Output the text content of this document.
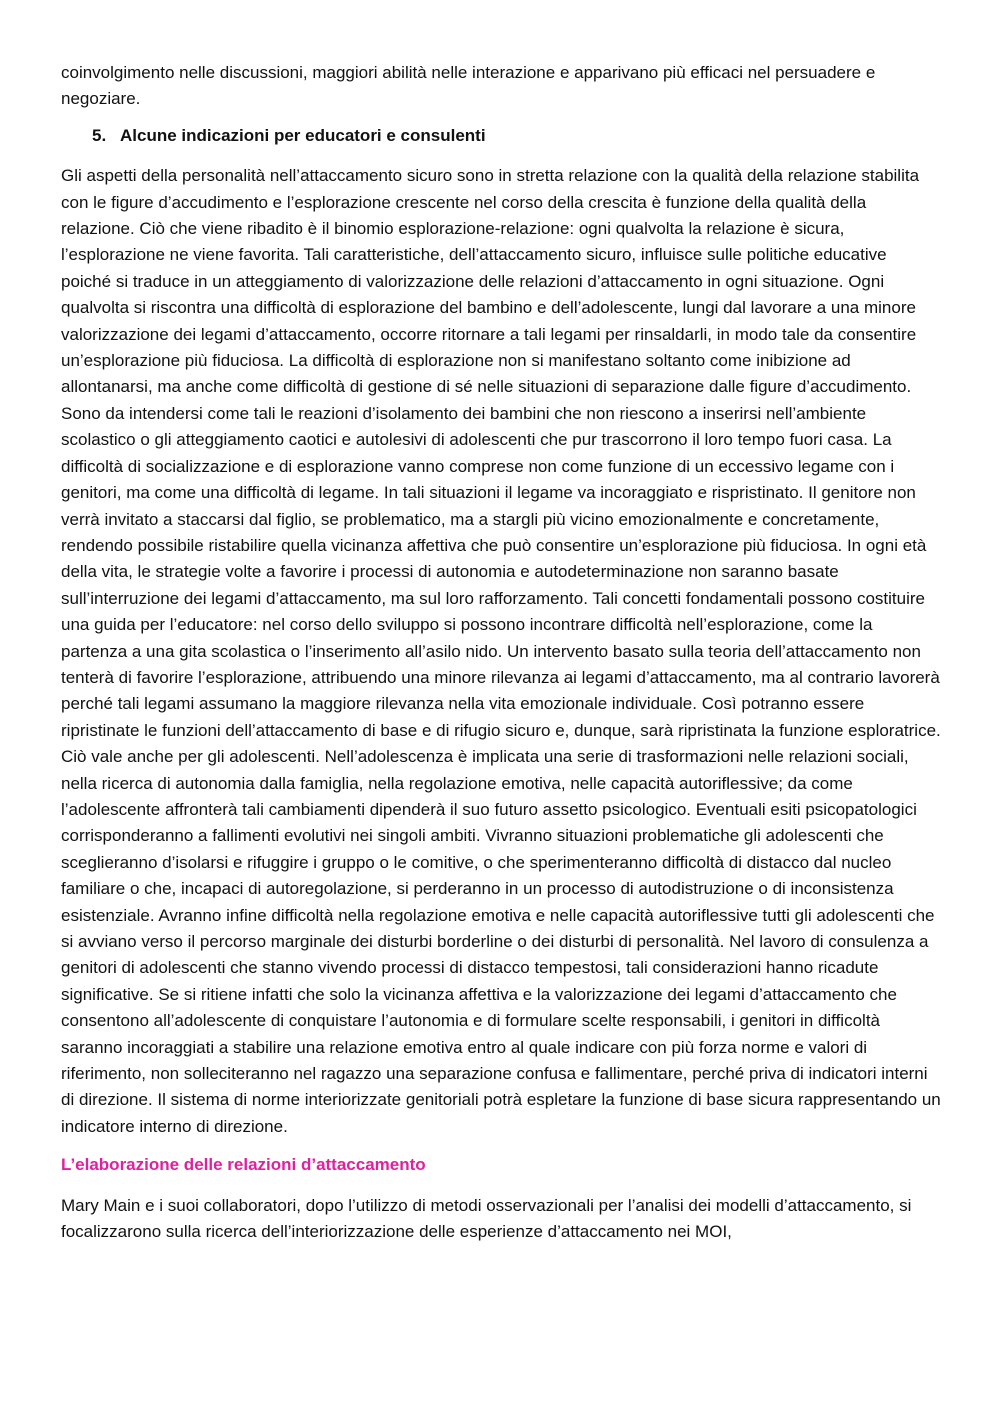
coinvolgimento nelle discussioni, maggiori abilità nelle interazione e apparivano più efficaci nel persuadere e negoziare.

5. Alcune indicazioni per educatori e consulenti

Gli aspetti della personalità nell’attaccamento sicuro sono in stretta relazione con la qualità della relazione stabilita con le figure d’accudimento e l’esplorazione crescente nel corso della crescita è funzione della qualità della relazione. Ciò che viene ribadito è il binomio esplorazione-relazione: ogni qualvolta la relazione è sicura, l’esplorazione ne viene favorita. Tali caratteristiche, dell’attaccamento sicuro, influisce sulle politiche educative poiché si traduce in un atteggiamento di valorizzazione delle relazioni d’attaccamento in ogni situazione. Ogni qualvolta si riscontra una difficoltà di esplorazione del bambino e dell’adolescente, lungi dal lavorare a una minore valorizzazione dei legami d’attaccamento, occorre ritornare a tali legami per rinsaldarli, in modo tale da consentire un’esplorazione più fiduciosa. La difficoltà di esplorazione non si manifestano soltanto come inibizione ad allontanarsi, ma anche come difficoltà di gestione di sé nelle situazioni di separazione dalle figure d’accudimento. Sono da intendersi come tali le reazioni d’isolamento dei bambini che non riescono a inserirsi nell’ambiente scolastico o gli atteggiamento caotici e autolesivi di adolescenti che pur trascorrono il loro tempo fuori casa. La difficoltà di socializzazione e di esplorazione vanno comprese non come funzione di un eccessivo legame con i genitori, ma come una difficoltà di legame. In tali situazioni il legame va incoraggiato e rispristinato. Il genitore non verrà invitato a staccarsi dal figlio, se problematico, ma a stargli più vicino emozionalmente e concretamente, rendendo possibile ristabilire quella vicinanza affettiva che può consentire un’esplorazione più fiduciosa. In ogni età della vita, le strategie volte a favorire i processi di autonomia e autodeterminazione non saranno basate sull’interruzione dei legami d’attaccamento, ma sul loro rafforzamento. Tali concetti fondamentali possono costituire una guida per l’educatore: nel corso dello sviluppo si possono incontrare difficoltà nell’esplorazione, come la partenza a una gita scolastica o l’inserimento all’asilo nido. Un intervento basato sulla teoria dell’attaccamento non tenterà di favorire l’esplorazione, attribuendo una minore rilevanza ai legami d’attaccamento, ma al contrario lavorerà perché tali legami assumano la maggiore rilevanza nella vita emozionale individuale. Così potranno essere ripristinate le funzioni dell’attaccamento di base e di rifugio sicuro e, dunque, sarà ripristinata la funzione esploratrice. Ciò vale anche per gli adolescenti. Nell’adolescenza è implicata una serie di trasformazioni nelle relazioni sociali, nella ricerca di autonomia dalla famiglia, nella regolazione emotiva, nelle capacità autoriflessive; da come l’adolescente affronterà tali cambiamenti dipenderà il suo futuro assetto psicologico. Eventuali esiti psicopatologici corrisponderanno a fallimenti evolutivi nei singoli ambiti. Vivranno situazioni problematiche gli adolescenti che sceglieranno d’isolarsi e rifuggire i gruppo o le comitive, o che sperimenteranno difficoltà di distacco dal nucleo familiare o che, incapaci di autoregolazione, si perderanno in un processo di autodistruzione o di inconsistenza esistenziale. Avranno infine difficoltà nella regolazione emotiva e nelle capacità autoriflessive tutti gli adolescenti che si avviano verso il percorso marginale dei disturbi borderline o dei disturbi di personalità. Nel lavoro di consulenza a genitori di adolescenti che stanno vivendo processi di distacco tempestosi, tali considerazioni hanno ricadute significative. Se si ritiene infatti che solo la vicinanza affettiva e la valorizzazione dei legami d’attaccamento che consentono all’adolescente di conquistare l’autonomia e di formulare scelte responsabili, i genitori in difficoltà saranno incoraggiati a stabilire una relazione emotiva entro al quale indicare con più forza norme e valori di riferimento, non solleciteranno nel ragazzo una separazione confusa e fallimentare, perché priva di indicatori interni di direzione. Il sistema di norme interiorizzate genitoriali potrà espletare la funzione di base sicura rappresentando un indicatore interno di direzione.

L’elaborazione delle relazioni d’attaccamento

Mary Main e i suoi collaboratori, dopo l’utilizzo di metodi osservazionali per l’analisi dei modelli d’attaccamento, si focalizzarono sulla ricerca dell’interiorizzazione delle esperienze d’attaccamento nei MOI,
